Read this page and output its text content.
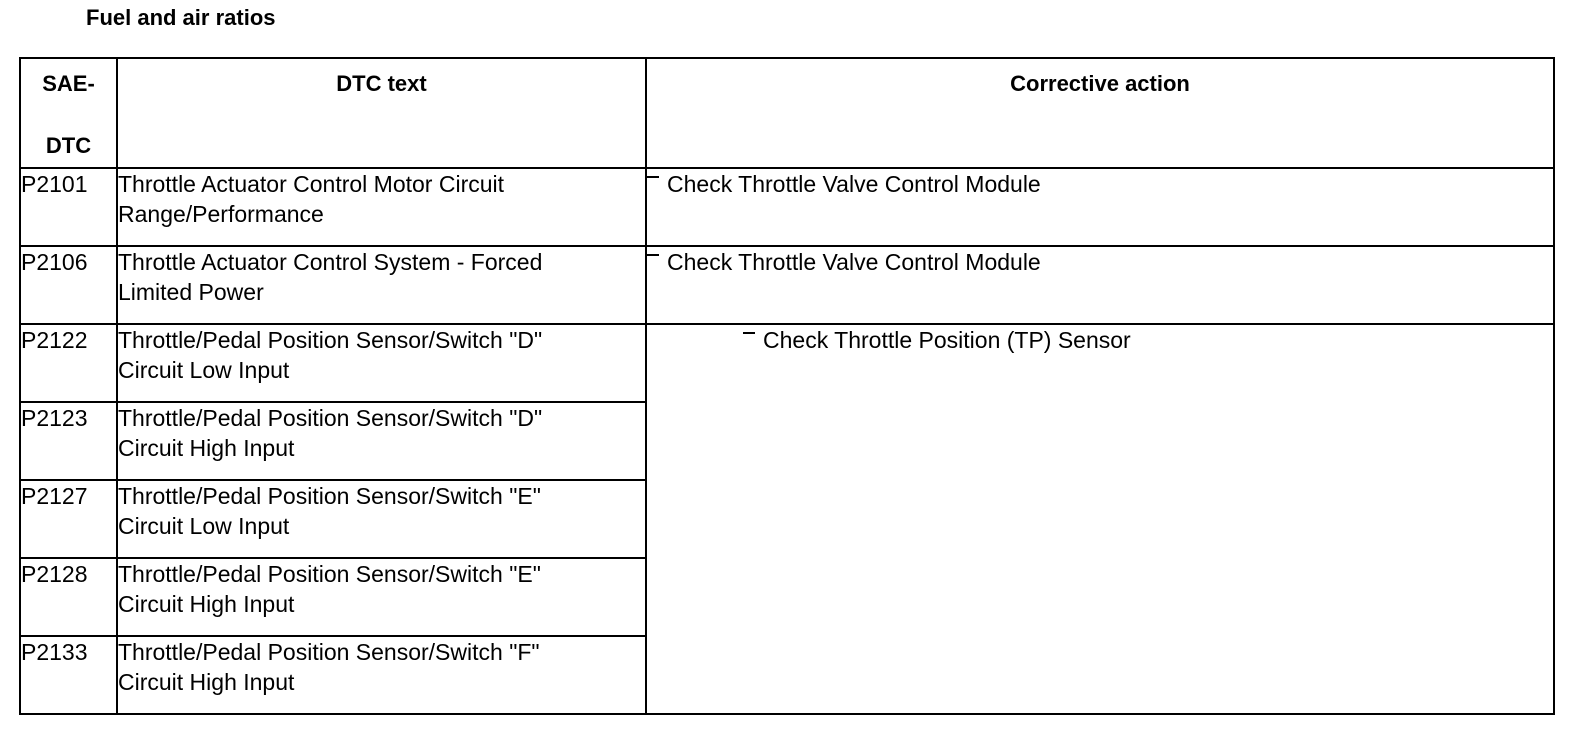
Fuel and air ratios
SAE-
DTC	DTC text	Corrective action

P2101	Throttle Actuator Control Motor Circuit
Range/Performance	Check Throttle Valve Control Module
P2106	Throttle Actuator Control System - Forced
Limited Power	Check Throttle Valve Control Module
P2122	Throttle/Pedal Position Sensor/Switch "D"
Circuit Low Input	Check Throttle Position (TP) Sensor
P2123	Throttle/Pedal Position Sensor/Switch "D"
Circuit High Input	

P2127	Throttle/Pedal Position Sensor/Switch "E"
Circuit Low Input	

P2128	Throttle/Pedal Position Sensor/Switch "E"
Circuit High Input	

P2133	Throttle/Pedal Position Sensor/Switch "F"
Circuit High Input	
